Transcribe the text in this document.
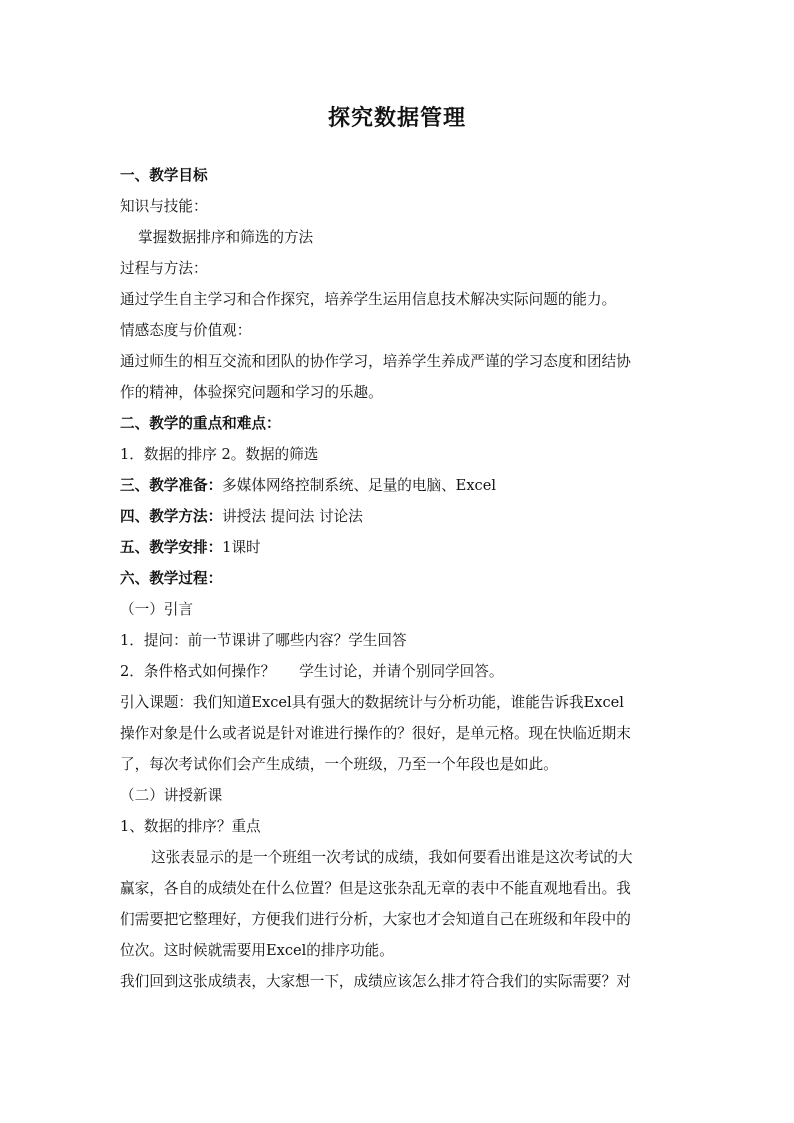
探究数据管理

一、教学目标

知识与技能：

掌握数据排序和筛选的方法

过程与方法：

通过学生自主学习和合作探究，培养学生运用信息技术解决实际问题的能力。

情感态度与价值观：

通过师生的相互交流和团队的协作学习，培养学生养成严谨的学习态度和团结协

作的精神，体验探究问题和学习的乐趣。

二、教学的重点和难点：

1．数据的排序 2。数据的筛选

三、教学准备：多媒体网络控制系统、足量的电脑、Excel

四、教学方法：讲授法 提问法 讨论法

五、教学安排：1课时

六、教学过程：

（一）引言

1．提问：前一节课讲了哪些内容？学生回答

2．条件格式如何操作？　  学生讨论，并请个别同学回答。

引入课题：我们知道Excel具有强大的数据统计与分析功能，谁能告诉我Excel

操作对象是什么或者说是针对谁进行操作的？很好，是单元格。现在快临近期末

了，每次考试你们会产生成绩，一个班级，乃至一个年段也是如此。

（二）讲授新课

1、数据的排序？重点

这张表显示的是一个班组一次考试的成绩，我如何要看出谁是这次考试的大

赢家，各自的成绩处在什么位置？但是这张杂乱无章的表中不能直观地看出。我

们需要把它整理好，方便我们进行分析，大家也才会知道自己在班级和年段中的

位次。这时候就需要用Excel的排序功能。

我们回到这张成绩表，大家想一下，成绩应该怎么排才符合我们的实际需要？对
